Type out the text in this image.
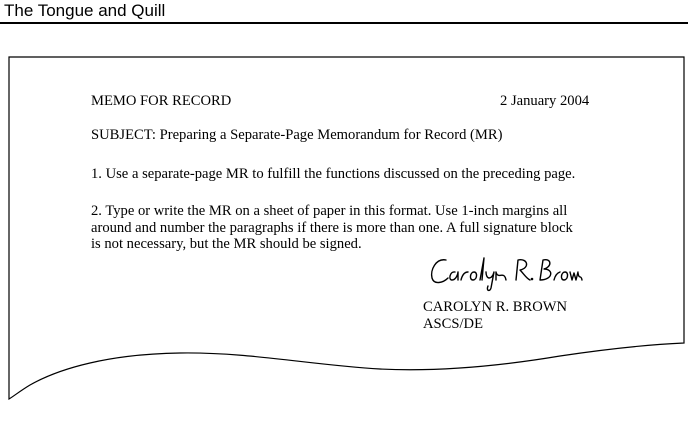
The Tongue and Quill
MEMO FOR RECORD	2 January 2004
SUBJECT: Preparing a Separate-Page Memorandum for Record (MR)
1. Use a separate-page MR to fulfill the functions discussed on the preceding page.
2. Type or write the MR on a sheet of paper in this format. Use 1-inch margins all
around and number the paragraphs if there is more than one. A full signature block
is not necessary, but the MR should be signed.
CAROLYN R. BROWN
ASCS/DE
